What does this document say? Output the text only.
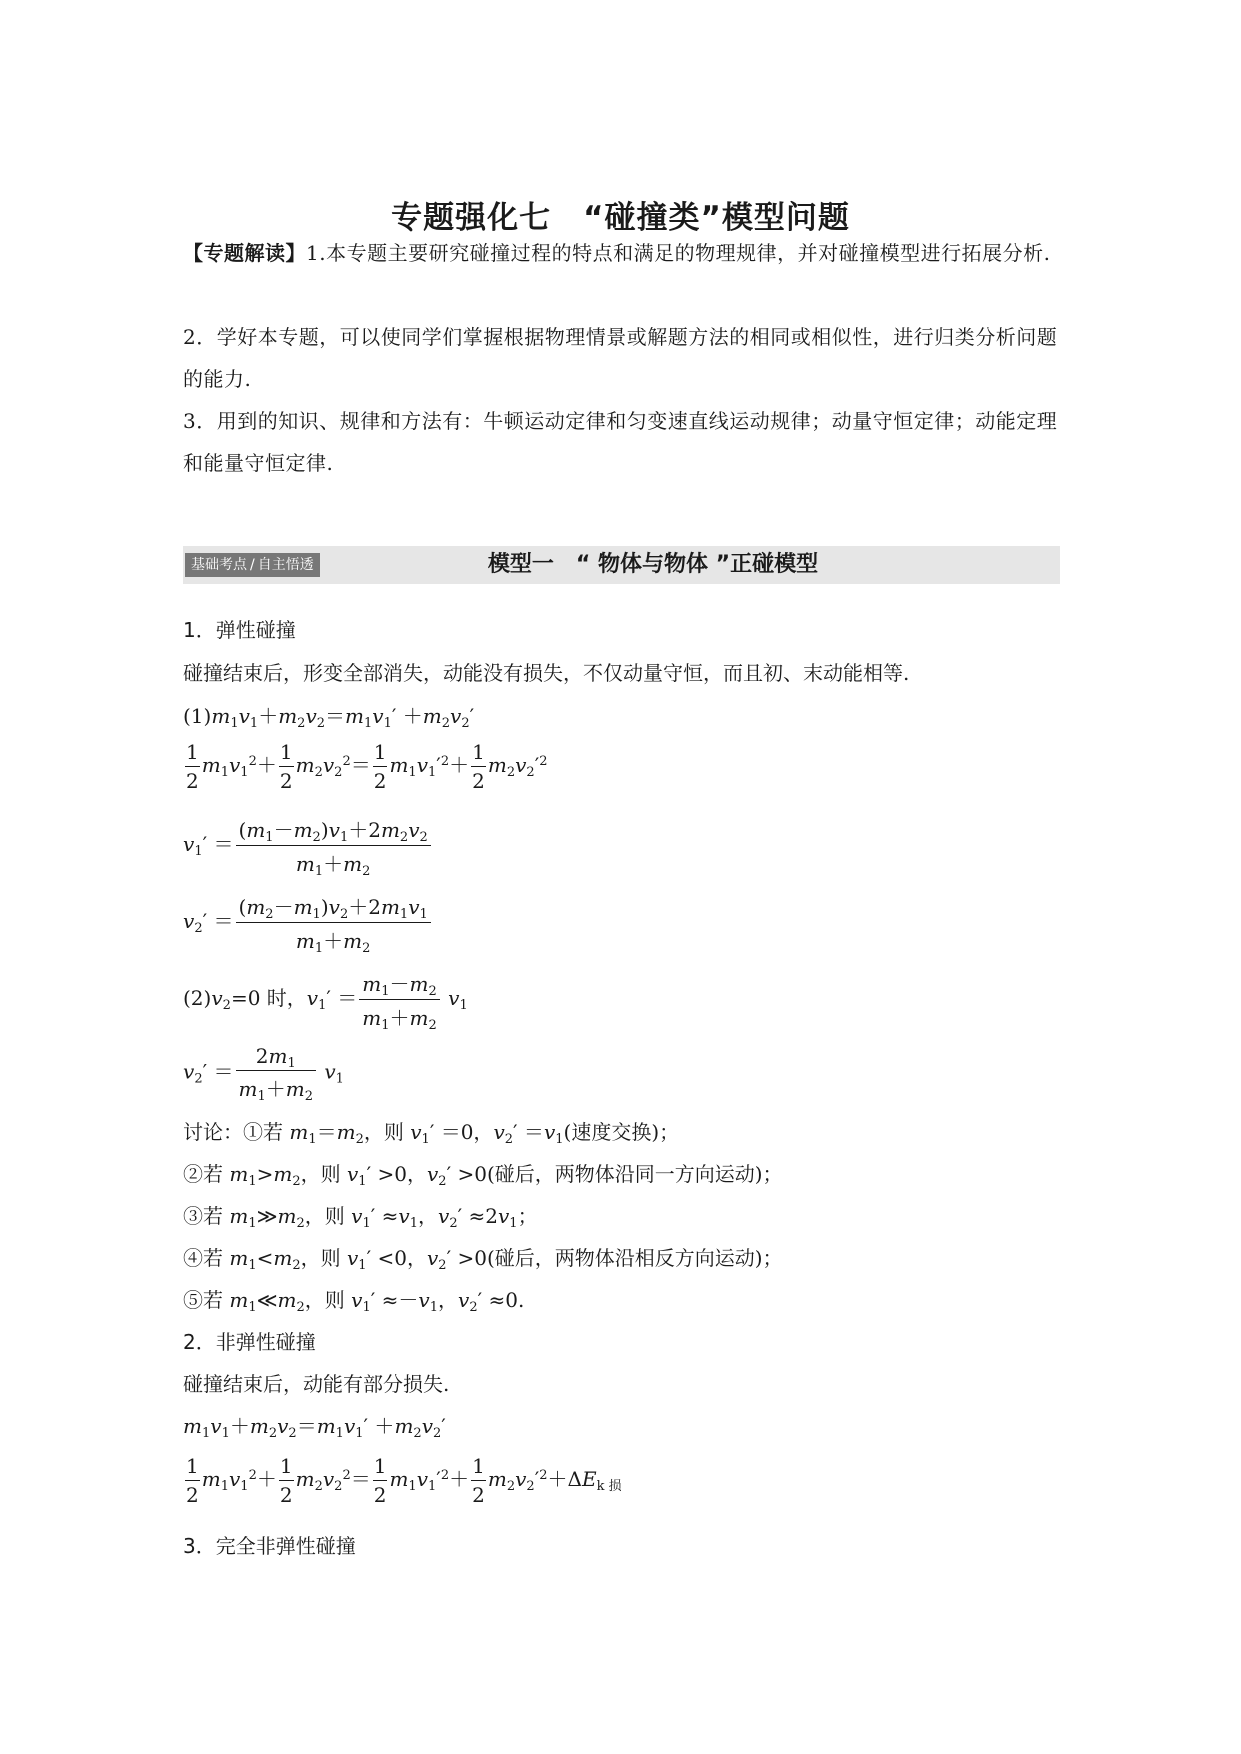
专题强化七　“碰撞类”模型问题
【专题解读】1.本专题主要研究碰撞过程的特点和满足的物理规律，并对碰撞模型进行拓展分析.
2．学好本专题，可以使同学们掌握根据物理情景或解题方法的相同或相似性，进行归类分析问题的能力.
3．用到的知识、规律和方法有：牛顿运动定律和匀变速直线运动规律；动量守恒定律；动能定理和能量守恒定律.
基础考点 / 自主悟透	模型一　“ 物体与物体 ”正碰模型
1．弹性碰撞
碰撞结束后，形变全部消失，动能没有损失，不仅动量守恒，而且初、末动能相等.
$(1)m_1v_1+m_2v_2=m_1v_1' +m_2v_2'$
$\frac{1}{2} m_1v_1^2+ \frac{1}{2} m_2v_2^2= \frac{1}{2} m_1v_1'^2+ \frac{1}{2} m_2v_2'^2$
$v_1' = \frac{(m_1-m_2)v_1+2m_2v_2}{m_1+m_2}$
$v_2' = \frac{(m_2-m_1)v_2+2m_1v_1}{m_1+m_2}$
$(2)v_2=0$ 时，$v_1' = \frac{m_1-m_2}{m_1+m_2} v_1$
$v_2' = \frac{2m_1}{m_1+m_2} v_1$
讨论：①若 $m_1=m_2$，则 $v_1' =0$，$v_2' =v_1$(速度交换)；
②若 $m_1>m_2$，则 $v_1' >0$，$v_2' >0$(碰后，两物体沿同一方向运动)；
③若 $m_1≫m_2$，则 $v_1' \approx v_1$，$v_2' \approx 2v_1$；
④若 $m_1<m_2$，则 $v_1' <0$，$v_2' >0$(碰后，两物体沿相反方向运动)；
⑤若 $m_1≪m_2$，则 $v_1' \approx-v_1$，$v_2' \approx 0$.
2．非弹性碰撞
碰撞结束后，动能有部分损失.
$m_1v_1+m_2v_2=m_1v_1' +m_2v_2'$
$\frac{1}{2} m_1v_1^2+ \frac{1}{2} m_2v_2^2= \frac{1}{2} m_1v_1'^2+ \frac{1}{2} m_2v_2'^2+\Delta E_{k 损}$
3．完全非弹性碰撞
